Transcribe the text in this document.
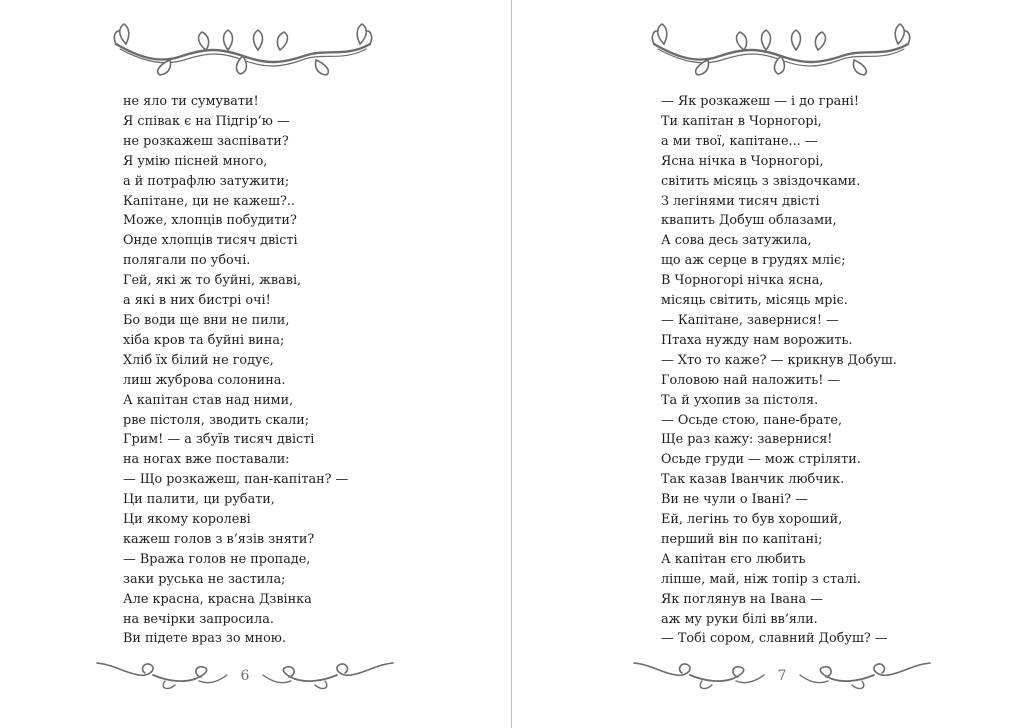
не яло ти сумувати!
Я співак є на Підгір’ю —
не розкажеш заспівати?
Я умію пісней много,
а й потрафлю затужити;
Капітане, ци не кажеш?..
Може, хлопців побудити?
Онде хлопців тисяч двісті
полягали по убочі.
Гей, які ж то буйні, жваві,
а які в них бистрі очі!
Бо води ще вни не пили,
хіба кров та буйні вина;
Хліб їх білий не годує,
лиш жуброва солонина.
А капітан став над ними,
рве пістоля, зводить скали;
Грим! — а збуїв тисяч двісті
на ногах вже поставали:
— Що розкажеш, пан-капітан? —
Ци палити, ци рубати,
Ци якому королеві
кажеш голов з в’язів зняти?
— Вража голов не пропаде,
заки руська не застила;
Але красна, красна Дзвінка
на вечірки запросила.
Ви підете враз зо мною.
6
— Як розкажеш — і до грані!
Ти капітан в Чорногорі,
а ми твої, капітане... —
Ясна нічка в Чорногорі,
світить місяць з звіздочками.
З легінями тисяч двісті
квапить Добуш облазами,
А сова десь затужила,
що аж серце в грудях мліє;
В Чорногорі нічка ясна,
місяць світить, місяць мріє.
— Капітане, завернися! —
Птаха нужду нам ворожить.
— Хто то каже? — крикнув Добуш.
Головою най наложить! —
Та й ухопив за пістоля.
— Осьде стою, пане-брате,
Ще раз кажу: завернися!
Осьде груди — мож стріляти.
Так казав Іванчик любчик.
Ви не чули о Івані? —
Ей, легінь то був хороший,
перший він по капітані;
А капітан єго любить
ліпше, май, ніж топір з сталі.
Як поглянув на Івана —
аж му руки білі вв’яли.
— Тобі сором, славний Добуш? —
7
